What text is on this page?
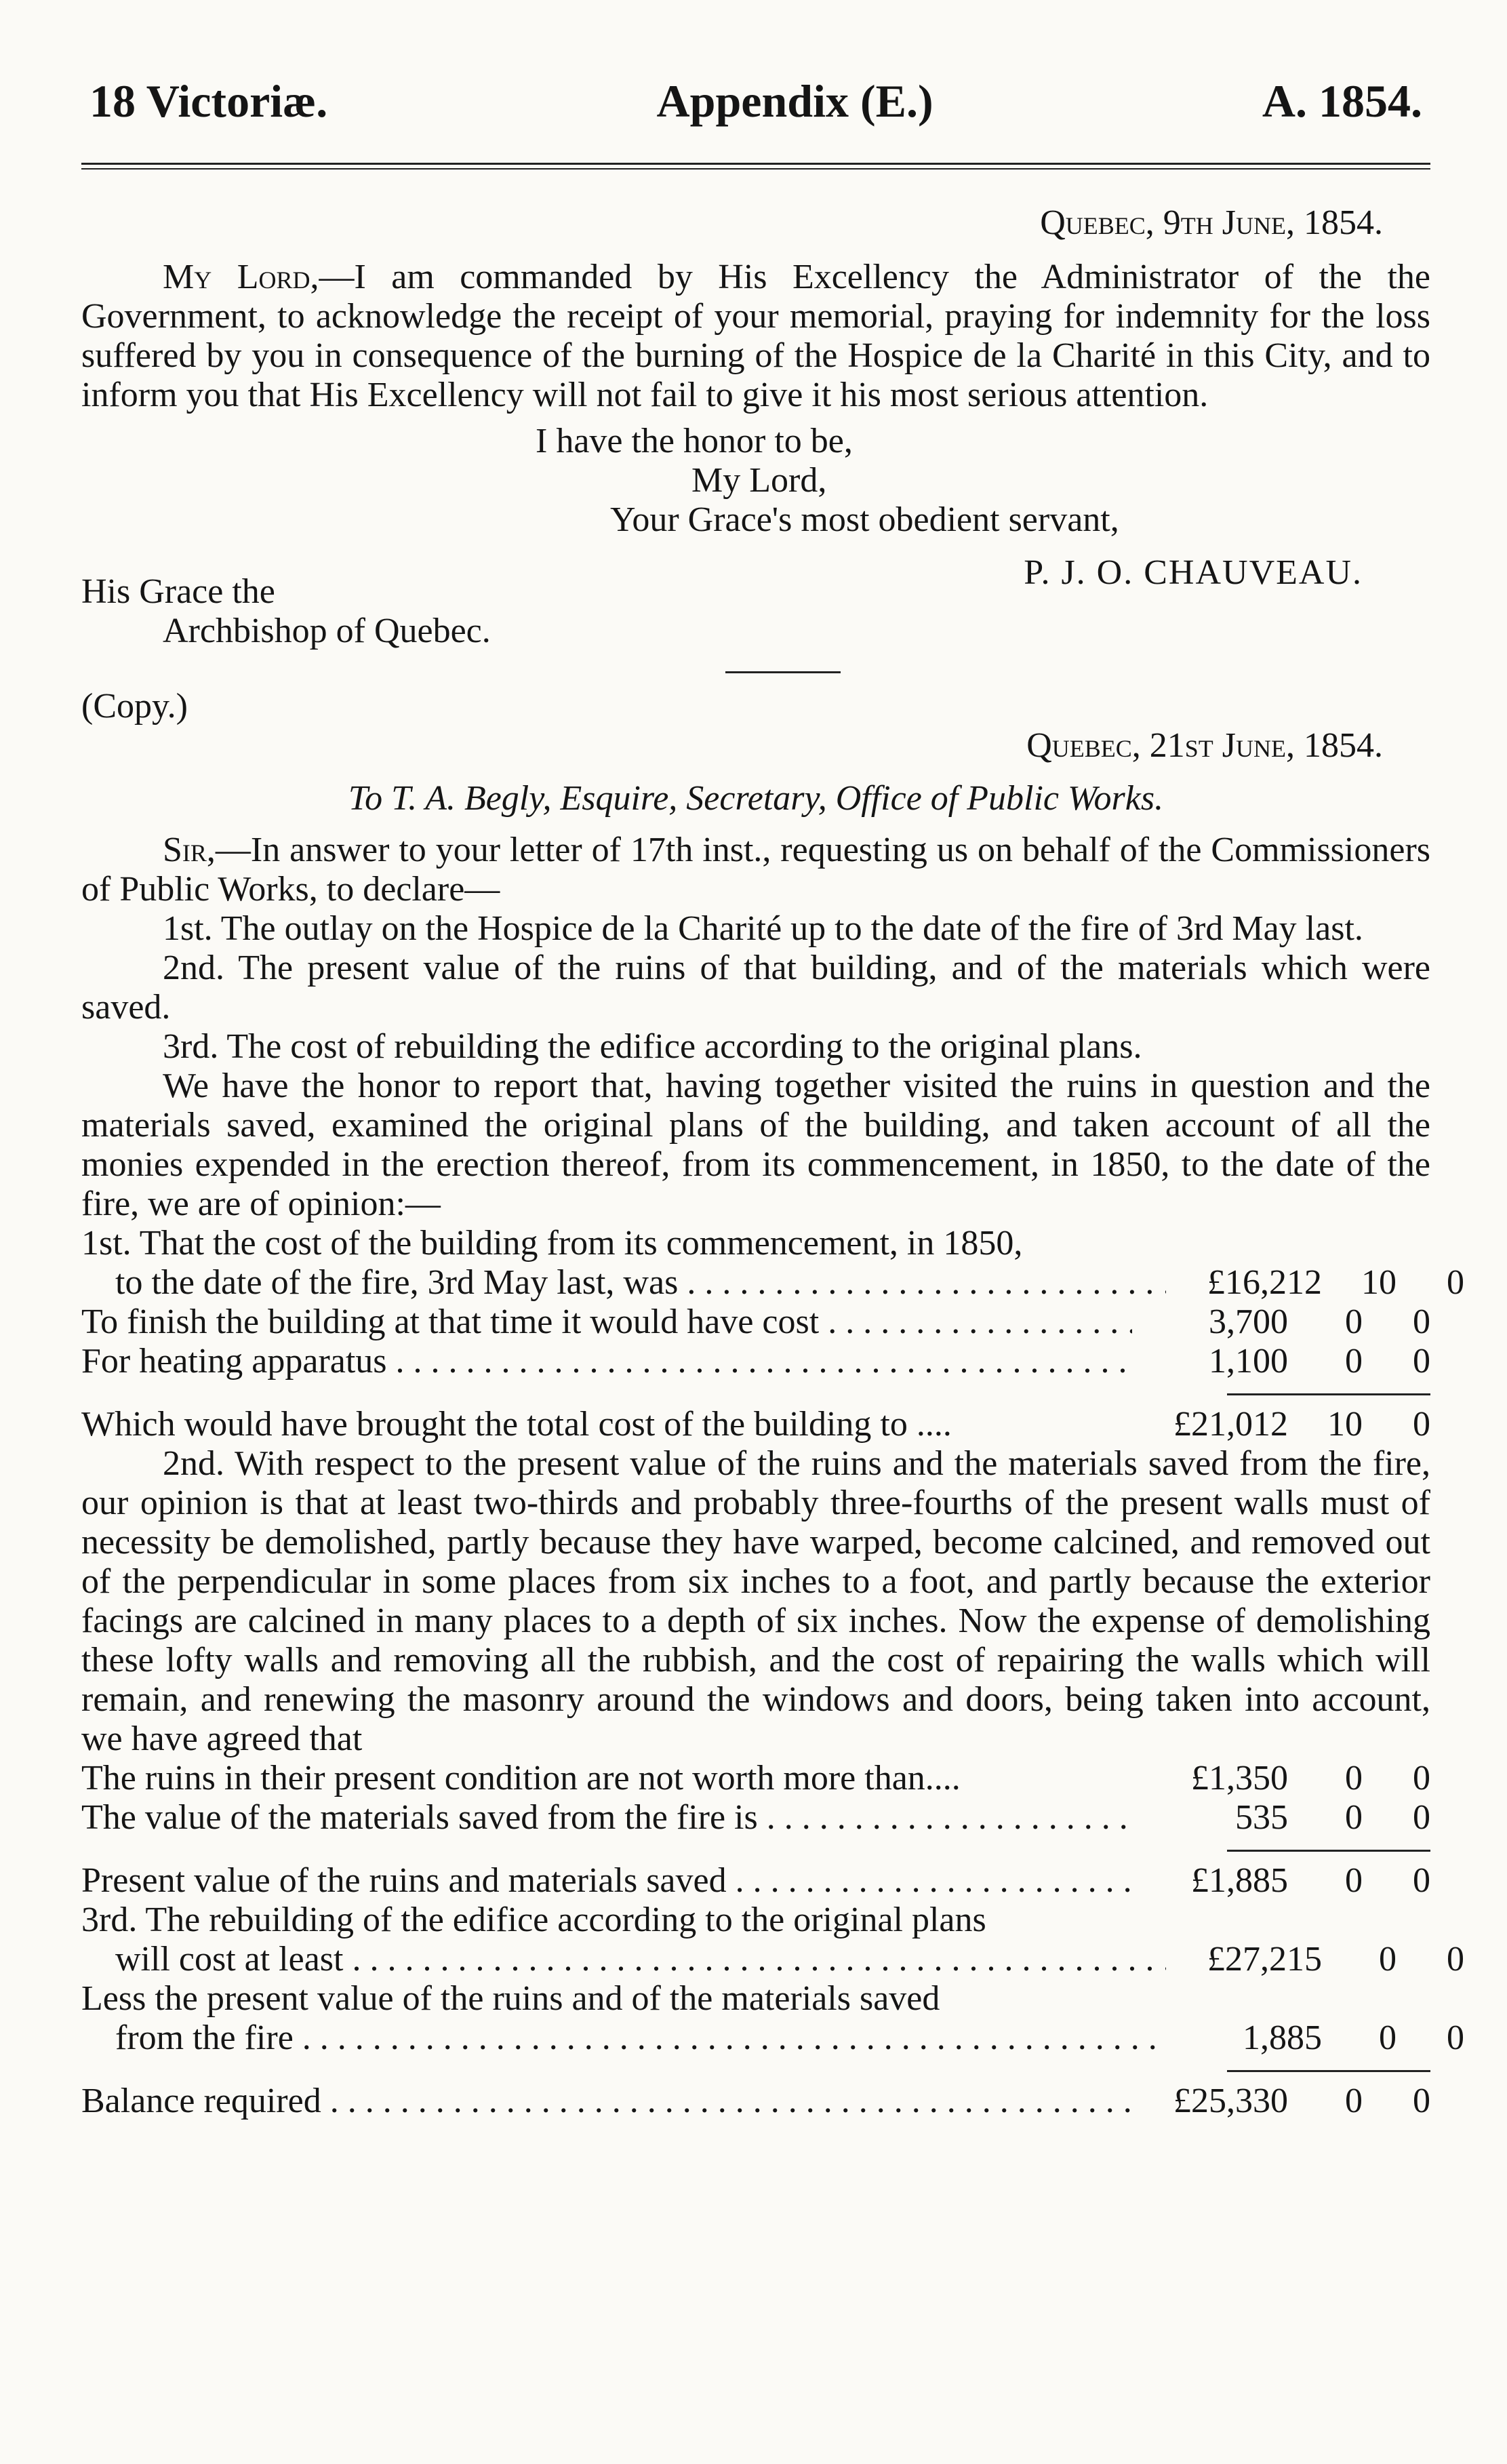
18 Victoriæ.	Appendix (E.)	A. 1854.

Quebec, 9th June, 1854.

My Lord,—I am commanded by His Excellency the Administrator of the the Government, to acknowledge the receipt of your memorial, praying for indemnity for the loss suffered by you in consequence of the burning of the Hospice de la Charité in this City, and to inform you that His Excellency will not fail to give it his most serious attention.

I have the honor to be,
My Lord,
Your Grace's most obedient servant,
P. J. O. CHAUVEAU.
His Grace the
Archbishop of Quebec.

(Copy.)

Quebec, 21st June, 1854.

To T. A. Begly, Esquire, Secretary, Office of Public Works.

Sir,—In answer to your letter of 17th inst., requesting us on behalf of the Commissioners of Public Works, to declare—

1st. The outlay on the Hospice de la Charité up to the date of the fire of 3rd May last.

2nd. The present value of the ruins of that building, and of the materials which were saved.

3rd. The cost of rebuilding the edifice according to the original plans.

We have the honor to report that, having together visited the ruins in question and the materials saved, examined the original plans of the building, and taken account of all the monies expended in the erection thereof, from its commencement, in 1850, to the date of the fire, we are of opinion:—

1st. That the cost of the building from its commencement, in 1850,

to the date of the fire, 3rd May last, was . . .	£16,212	10	0
To finish the building at that time it would have cost . . .	3,700	0	0
For heating apparatus . . .	1,100	0	0
Which would have brought the total cost of the building to ....	£21,012	10	0

2nd. With respect to the present value of the ruins and the materials saved from the fire, our opinion is that at least two-thirds and probably three-fourths of the present walls must of necessity be demolished, partly because they have warped, become calcined, and removed out of the perpendicular in some places from six inches to a foot, and partly because the exterior facings are calcined in many places to a depth of six inches. Now the expense of demolishing these lofty walls and removing all the rubbish, and the cost of repairing the walls which will remain, and renewing the masonry around the windows and doors, being taken into account, we have agreed that

The ruins in their present condition are not worth more than....	£1,350	0	0
The value of the materials saved from the fire is . . .	535	0	0
Present value of the ruins and materials saved . . .	£1,885	0	0

3rd. The rebuilding of the edifice according to the original plans

will cost at least . . .	£27,215	0	0

Less the present value of the ruins and of the materials saved

from the fire . . .	1,885	0	0
Balance required . . .	£25,330	0	0
